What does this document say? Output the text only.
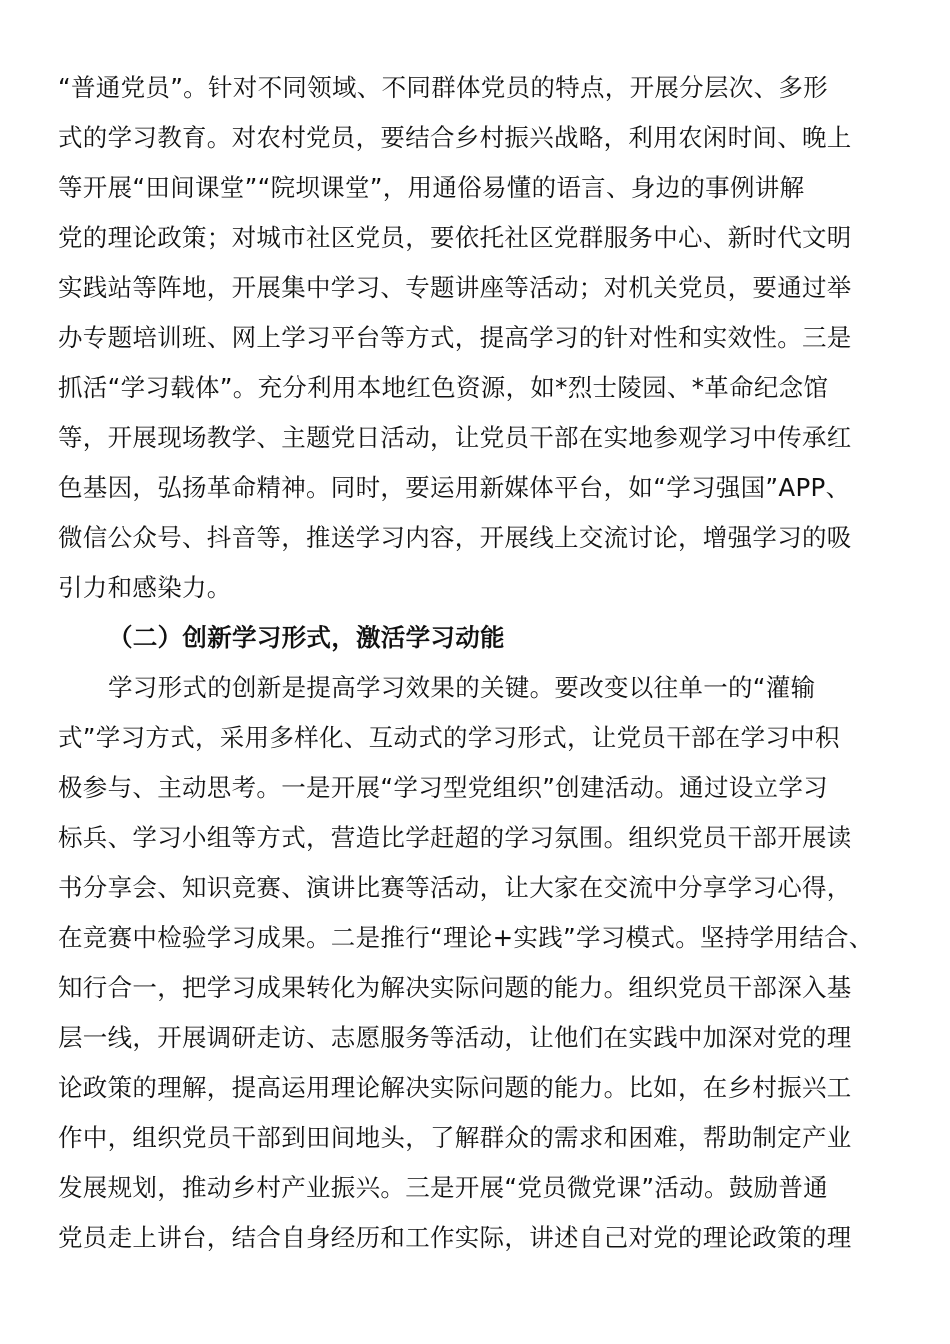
“普通党员”。针对不同领域、不同群体党员的特点，开展分层次、多形
式的学习教育。对农村党员，要结合乡村振兴战略，利用农闲时间、晚上
等开展“田间课堂”“院坝课堂”，用通俗易懂的语言、身边的事例讲解
党的理论政策；对城市社区党员，要依托社区党群服务中心、新时代文明
实践站等阵地，开展集中学习、专题讲座等活动；对机关党员，要通过举
办专题培训班、网上学习平台等方式，提高学习的针对性和实效性。三是
抓活“学习载体”。充分利用本地红色资源，如*烈士陵园、*革命纪念馆
等，开展现场教学、主题党日活动，让党员干部在实地参观学习中传承红
色基因，弘扬革命精神。同时，要运用新媒体平台，如“学习强国”APP、
微信公众号、抖音等，推送学习内容，开展线上交流讨论，增强学习的吸
引力和感染力。
（二）创新学习形式，激活学习动能
学习形式的创新是提高学习效果的关键。要改变以往单一的“灌输
式”学习方式，采用多样化、互动式的学习形式，让党员干部在学习中积
极参与、主动思考。一是开展“学习型党组织”创建活动。通过设立学习
标兵、学习小组等方式，营造比学赶超的学习氛围。组织党员干部开展读
书分享会、知识竞赛、演讲比赛等活动，让大家在交流中分享学习心得，
在竞赛中检验学习成果。二是推行“理论+实践”学习模式。坚持学用结合、
知行合一，把学习成果转化为解决实际问题的能力。组织党员干部深入基
层一线，开展调研走访、志愿服务等活动，让他们在实践中加深对党的理
论政策的理解，提高运用理论解决实际问题的能力。比如，在乡村振兴工
作中，组织党员干部到田间地头，了解群众的需求和困难，帮助制定产业
发展规划，推动乡村产业振兴。三是开展“党员微党课”活动。鼓励普通
党员走上讲台，结合自身经历和工作实际，讲述自己对党的理论政策的理
